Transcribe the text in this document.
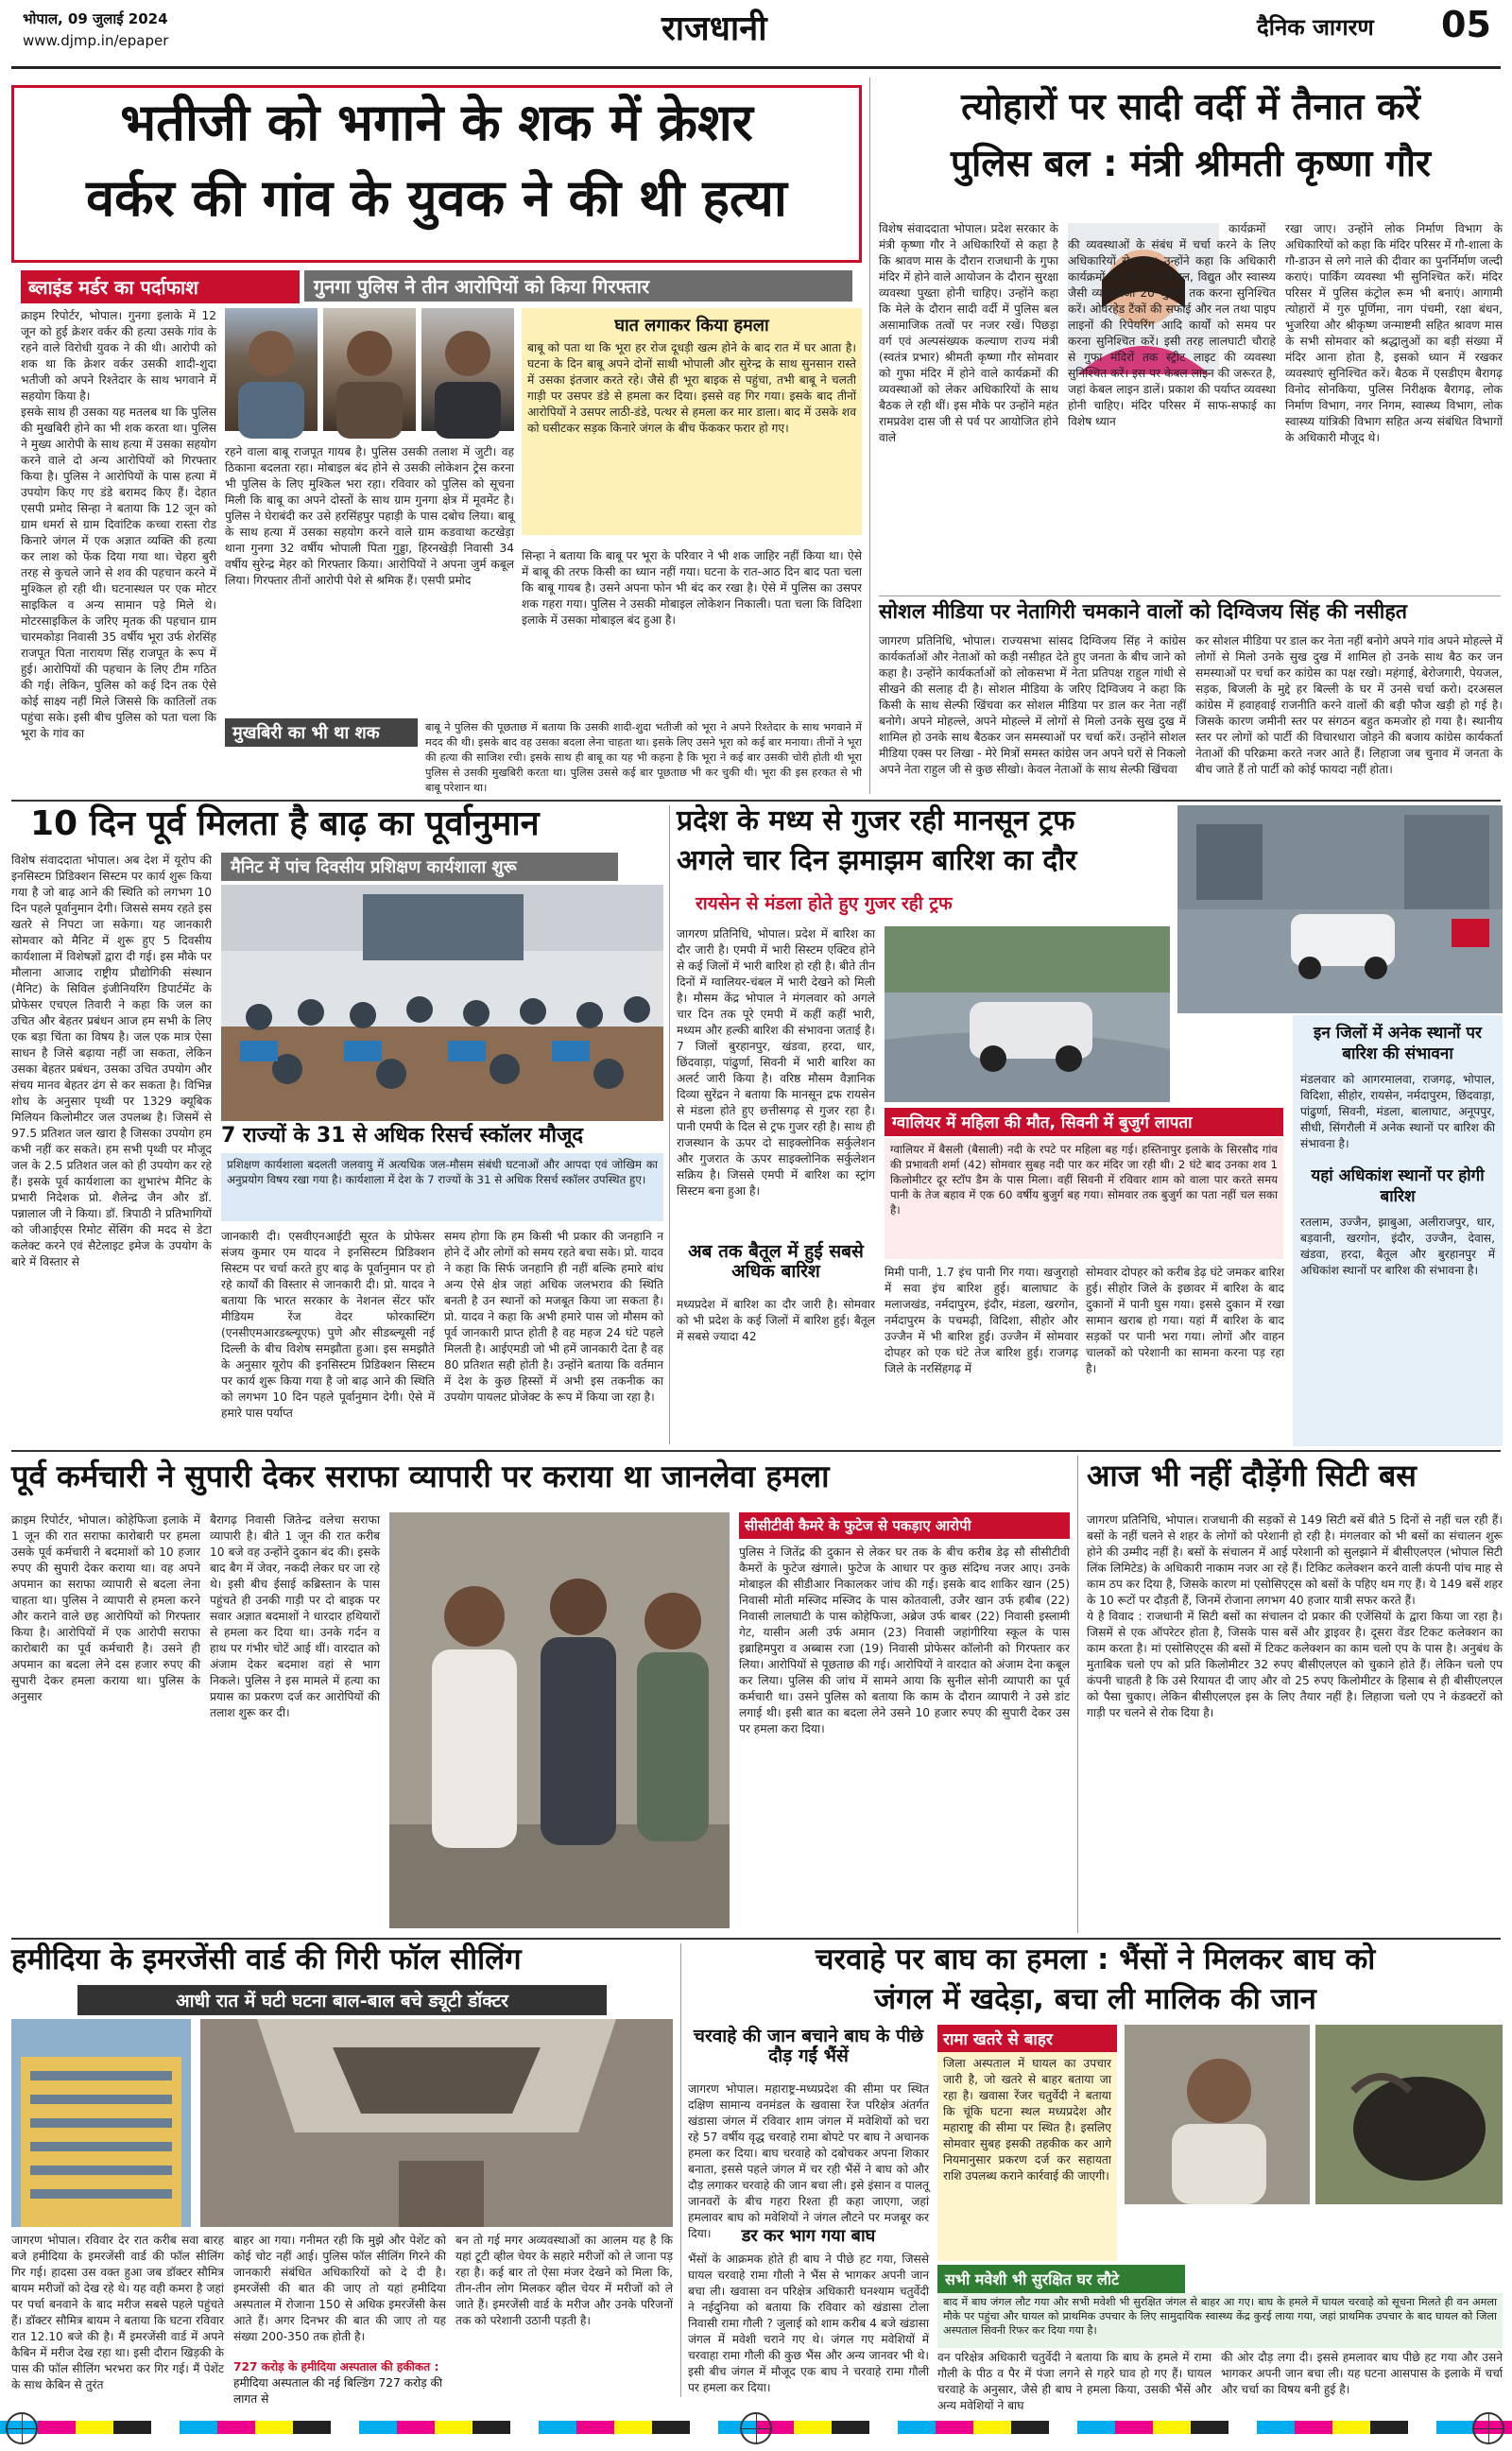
भोपाल, 09 जुलाई 2024
www.djmp.in/epaper	राजधानी	दैनिक जागरण 05
भतीजी को भगाने के शक में क्रेशर
वर्कर की गांव के युवक ने की थी हत्या
ब्लाइंड मर्डर का पर्दाफाश	गुनगा पुलिस ने तीन आरोपियों को किया गिरफ्तार
क्राइम रिपोर्टर, भोपाल। गुनगा इलाके में 12 जून को हुई क्रेशर वर्कर की हत्या उसके गांव के रहने वाले विरोधी युवक ने की थी। आरोपी को शक था कि क्रेशर वर्कर उसकी शादी-शुदा भतीजी को अपने रिश्तेदार के साथ भगवाने में सहयोग किया है।
इसके साथ ही उसका यह मतलब था कि पुलिस की मुखबिरी होने का भी शक करता था। पुलिस ने मुख्य आरोपी के साथ हत्या में उसका सहयोग करने वाले दो अन्य आरोपियों को गिरफ्तार किया है। पुलिस ने आरोपियों के पास हत्या में उपयोग किए गए डंडे बरामद किए हैं। देहात एसपी प्रमोद सिन्हा ने बताया कि 12 जून को ग्राम धमर्रा से ग्राम दिवांटिक कच्चा रास्ता रोड किनारे जंगल में एक अज्ञात व्यक्ति की हत्या कर लाश को फेंक दिया गया था। चेहरा बुरी तरह से कुचले जाने से शव की पहचान करने में मुश्किल हो रही थी। घटनास्थल पर एक मोटर साइकिल व अन्य सामान पड़े मिले थे। मोटरसाइकिल के जरिए मृतक की पहचान ग्राम चारमकोड़ा निवासी 35 वर्षीय भूरा उर्फ शेरसिंह राजपूत पिता नारायण सिंह राजपूत के रूप में हुई। आरोपियों की पहचान के लिए टीम गठित की गई। लेकिन, पुलिस को कई दिन तक ऐसे कोई साक्ष्य नहीं मिले जिससे कि कातिलों तक पहुंचा सके। इसी बीच पुलिस को पता चला कि भूरा के गांव का
घात लगाकर किया हमला
बाबू को पता था कि भूरा हर रोज दूधड़ी खत्म होने के बाद रात में घर आता है। घटना के दिन बाबू अपने दोनों साथी भोपाली और सुरेन्द्र के साथ सुनसान रास्ते में उसका इंतजार करते रहे। जैसे ही भूरा बाइक से पहुंचा, तभी बाबू ने चलती गाड़ी पर उसपर डंडे से हमला कर दिया। इससे वह गिर गया। इसके बाद तीनों आरोपियों ने उसपर लाठी-डंडे, पत्थर से हमला कर मार डाला। बाद में उसके शव को घसीटकर सड़क किनारे जंगल के बीच फेंककर फरार हो गए।
रहने वाला बाबू राजपूत गायब है। पुलिस उसकी तलाश में जुटी। वह ठिकाना बदलता रहा। मोबाइल बंद होने से उसकी लोकेशन ट्रेस करना भी पुलिस के लिए मुश्किल भरा रहा। रविवार को पुलिस को सूचना मिली कि बाबू का अपने दोस्तों के साथ ग्राम गुनगा क्षेत्र में मूवमेंट है। पुलिस ने घेराबंदी कर उसे हरसिंहपुर पहाड़ी के पास दबोच लिया। बाबू के साथ हत्या में उसका सहयोग करने वाले ग्राम कडवाथा कटखेड़ा थाना गुनगा 32 वर्षीय भोपाली पिता गुड्डा, हिरनखेड़ी निवासी 34 वर्षीय सुरेन्द्र मेहर को गिरफ्तार किया। आरोपियों ने अपना जुर्म कबूल लिया। गिरफ्तार तीनों आरोपी पेशे से श्रमिक हैं। एसपी प्रमोद
सिन्हा ने बताया कि बाबू पर भूरा के परिवार ने भी शक जाहिर नहीं किया था। ऐसे में बाबू की तरफ किसी का ध्यान नहीं गया। घटना के रात-आठ दिन बाद पता चला कि बाबू गायब है। उसने अपना फोन भी बंद कर रखा है। ऐसे में पुलिस का उसपर शक गहरा गया। पुलिस ने उसकी मोबाइल लोकेशन निकाली। पता चला कि विदिशा इलाके में उसका मोबाइल बंद हुआ है।
मुखबिरी का भी था शक	बाबू ने पुलिस की पूछताछ में बताया कि उसकी शादी-शुदा भतीजी को भूरा ने अपने रिश्तेदार के साथ भगवाने में मदद की थी। इसके बाद वह उसका बदला लेना चाहता था। इसके लिए उसने भूरा को कई बार मनाया। तीनों ने भूरा की हत्या की साजिश रची। इसके साथ ही बाबू का यह भी कहना है कि भूरा ने कई बार उसकी चोरी होती थी भूरा पुलिस से उसकी मुखबिरी करता था। पुलिस उससे कई बार पूछताछ भी कर चुकी थी। भूरा की इस हरकत से भी बाबू परेशान था।
त्योहारों पर सादी वर्दी में तैनात करें
पुलिस बल : मंत्री श्रीमती कृष्णा गौर
विशेष संवाददाता भोपाल। प्रदेश सरकार के मंत्री कृष्णा गौर ने अधिकारियों से कहा है कि श्रावण मास के दौरान राजधानी के गुफा मंदिर में होने वाले आयोजन के दौरान सुरक्षा व्यवस्था पुख्ता होनी चाहिए। उन्होंने कहा कि मेले के दौरान सादी वर्दी में पुलिस बल असामाजिक तत्वों पर नजर रखें। पिछड़ा वर्ग एवं अल्पसंख्यक कल्याण राज्य मंत्री (स्वतंत्र प्रभार) श्रीमती कृष्णा गौर सोमवार को गुफा मंदिर में होने वाले कार्यक्रमों की व्यवस्थाओं को लेकर अधिकारियों के साथ बैठक ले रही थीं। इस मौके पर उन्होंने महंत रामप्रवेश दास जी से पर्व पर आयोजित होने वाले
कार्यक्रमों की व्यवस्थाओं के संबंध में चर्चा करने के लिए अधिकारियों से कहा। उन्होंने कहा कि अधिकारी कार्यक्रमों के संबंध में पेयजल, विद्युत और स्वास्थ्य जैसी व्यवस्थाओं 20 जुलाई तक करना सुनिश्चित करें। ओवरहेड टैंकों की सफाई और नल तथा पाइप लाइनों की रिपेयरिंग आदि कार्यों को समय पर करना सुनिश्चित करें। इसी तरह लालघाटी चौराहे से गुफा मंदिरों तक स्ट्रीट लाइट की व्यवस्था सुनिश्चित करें। इस पर केबल लाइन की जरूरत है, जहां केबल लाइन डालें। प्रकाश की पर्याप्त व्यवस्था होनी चाहिए। मंदिर परिसर में साफ-सफाई का विशेष ध्यान
रखा जाए। उन्होंने लोक निर्माण विभाग के अधिकारियों को कहा कि मंदिर परिसर में गौ-शाला के गौ-डाउन से लगे नाले की दीवार का पुनर्निर्माण जल्दी कराएं। पार्किंग व्यवस्था भी सुनिश्चित करें। मंदिर परिसर में पुलिस कंट्रोल रूम भी बनाएं। आगामी त्योहारों में गुरु पूर्णिमा, नाग पंचमी, रक्षा बंधन, भुजरिया और श्रीकृष्ण जन्माष्टमी सहित श्रावण मास के सभी सोमवार को श्रद्धालुओं का बड़ी संख्या में मंदिर आना होता है, इसको ध्यान में रखकर व्यवस्थाएं सुनिश्चित करें। बैठक में एसडीएम बैरागढ़ विनोद सोनकिया, पुलिस निरीक्षक बैरागढ़, लोक निर्माण विभाग, नगर निगम, स्वास्थ्य विभाग, लोक स्वास्थ्य यांत्रिकी विभाग सहित अन्य संबंधित विभागों के अधिकारी मौजूद थे।
सोशल मीडिया पर नेतागिरी चमकाने वालों को दिग्विजय सिंह की नसीहत
जागरण प्रतिनिधि, भोपाल। राज्यसभा सांसद दिग्विजय सिंह ने कांग्रेस कार्यकर्ताओं और नेताओं को कड़ी नसीहत देते हुए जनता के बीच जाने को कहा है। उन्होंने कार्यकर्ताओं को लोकसभा में नेता प्रतिपक्ष राहुल गांधी से सीखने की सलाह दी है। सोशल मीडिया के जरिए दिग्विजय ने कहा कि किसी के साथ सेल्फी खिंचवा कर सोशल मीडिया पर डाल कर नेता नहीं बनोगे। अपने मोहल्ले, अपने मोहल्ले में लोगों से मिलो उनके सुख दुख में शामिल हो उनके साथ बैठकर जन समस्याओं पर चर्चा करें। उन्होंने सोशल मीडिया एक्स पर लिखा - मेरे मित्रों समस्त कांग्रेस जन अपने घरों से निकलो अपने नेता राहुल जी से कुछ सीखो। केवल नेताओं के साथ सेल्फी खिंचवा
कर सोशल मीडिया पर डाल कर नेता नहीं बनोगे अपने गांव अपने मोहल्ले में लोगों से मिलो उनके सुख दुख में शामिल हो उनके साथ बैठ कर जन समस्याओं पर चर्चा कर कांग्रेस का पक्ष रखो। महंगाई, बेरोजगारी, पेयजल, सड़क, बिजली के मुद्दे हर बिल्ली के घर में उनसे चर्चा करो। दरअसल कांग्रेस में हवाहवाई राजनीति करने वालों की बड़ी फौज खड़ी हो गई है। जिसके कारण जमीनी स्तर पर संगठन बहुत कमजोर हो गया है। स्थानीय स्तर पर लोगों को पार्टी की विचारधारा जोड़ने की बजाय कांग्रेस कार्यकर्ता नेताओं की परिक्रमा करते नजर आते हैं। लिहाजा जब चुनाव में जनता के बीच जाते हैं तो पार्टी को कोई फायदा नहीं होता।
10 दिन पूर्व मिलता है बाढ़ का पूर्वानुमान
विशेष संवाददाता भोपाल। अब देश में यूरोप की इनसिस्टम प्रिडिक्शन सिस्टम पर कार्य शुरू किया गया है जो बाढ़ आने की स्थिति को लगभग 10 दिन पहले पूर्वानुमान देगी। जिससे समय रहते इस खतरे से निपटा जा सकेगा। यह जानकारी सोमवार को मैनिट में शुरू हुए 5 दिवसीय कार्यशाला में विशेषज्ञों द्वारा दी गई। इस मौके पर मौलाना आजाद राष्ट्रीय प्रौद्योगिकी संस्थान (मैनिट) के सिविल इंजीनियरिंग डिपार्टमेंट के प्रोफेसर एचएल तिवारी ने कहा कि जल का उचित और बेहतर प्रबंधन आज हम सभी के लिए एक बड़ा चिंता का विषय है। जल एक मात्र ऐसा साधन है जिसे बढ़ाया नहीं जा सकता, लेकिन उसका बेहतर प्रबंधन, उसका उचित उपयोग और संचय मानव बेहतर ढंग से कर सकता है। विभिन्न शोध के अनुसार पृथ्वी पर 1329 क्यूबिक मिलियन किलोमीटर जल उपलब्ध है। जिसमें से 97.5 प्रतिशत जल खारा है जिसका उपयोग हम कभी नहीं कर सकते। हम सभी पृथ्वी पर मौजूद जल के 2.5 प्रतिशत जल को ही उपयोग कर रहे हैं। इसके पूर्व कार्यशाला का शुभारंभ मैनिट के प्रभारी निदेशक प्रो. शैलेन्द्र जैन और डॉ. पन्नालाल जी ने किया। डॉ. त्रिपाठी ने प्रतिभागियों को जीआईएस रिमोट सेंसिंग की मदद से डेटा कलेक्ट करने एवं सैटेलाइट इमेज के उपयोग के बारे में विस्तार से
मैनिट में पांच दिवसीय प्रशिक्षण कार्यशाला शुरू
7 राज्यों के 31 से अधिक रिसर्च स्कॉलर मौजूद
प्रशिक्षण कार्यशाला बदलती जलवायु में अत्यधिक जल-मौसम संबंधी घटनाओं और आपदा एवं जोखिम का अनुप्रयोग विषय रखा गया है। कार्यशाला में देश के 7 राज्यों के 31 से अधिक रिसर्च स्कॉलर उपस्थित हुए।
जानकारी दी। एसवीएनआईटी सूरत के प्रोफेसर संजय कुमार एम यादव ने इनसिस्टम प्रिडिक्शन सिस्टम पर चर्चा करते हुए बाढ़ के पूर्वानुमान पर हो रहे कार्यों की विस्तार से जानकारी दी। प्रो. यादव ने बताया कि भारत सरकार के नेशनल सेंटर फॉर मीडियम रेंज वेदर फोरकास्टिंग (एनसीएमआरडब्ल्यूएफ) पुणे और सीडब्ल्यूसी नई दिल्ली के बीच विशेष समझौता हुआ। इस समझौते के अनुसार यूरोप की इनसिस्टम प्रिडिक्शन सिस्टम पर कार्य शुरू किया गया है जो बाढ़ आने की स्थिति को लगभग 10 दिन पहले पूर्वानुमान देगी। ऐसे में हमारे पास पर्याप्त
समय होगा कि हम किसी भी प्रकार की जनहानि न होने दें और लोगों को समय रहते बचा सके। प्रो. यादव ने कहा कि सिर्फ जनहानि ही नहीं बल्कि हमारे बांध अन्य ऐसे क्षेत्र जहां अधिक जलभराव की स्थिति बनती है उन स्थानों को मजबूत किया जा सकता है। प्रो. यादव ने कहा कि अभी हमारे पास जो मौसम को पूर्व जानकारी प्राप्त होती है वह महज 24 घंटे पहले मिलती है। आईएमडी जो भी हमें जानकारी देता है वह 80 प्रतिशत सही होती है। उन्होंने बताया कि वर्तमान में देश के कुछ हिस्सों में अभी इस तकनीक का उपयोग पायलट प्रोजेक्ट के रूप में किया जा रहा है।
प्रदेश के मध्य से गुजर रही मानसून ट्रफ
अगले चार दिन झमाझम बारिश का दौर
रायसेन से मंडला होते हुए गुजर रही ट्रफ
जागरण प्रतिनिधि, भोपाल। प्रदेश में बारिश का दौर जारी है। एमपी में भारी सिस्टम एक्टिव होने से कई जिलों में भारी बारिश हो रही है। बीते तीन दिनों में ग्वालियर-चंबल में भारी देखने को मिली है। मौसम केंद्र भोपाल ने मंगलवार को अगले चार दिन तक पूरे एमपी में कहीं कहीं भारी, मध्यम और हल्की बारिश की संभावना जताई है। 7 जिलों बुरहानपुर, खंडवा, हरदा, धार, छिंदवाड़ा, पांढुर्णा, सिवनी में भारी बारिश का अलर्ट जारी किया है। वरिष्ठ मौसम वैज्ञानिक दिव्या सुरेंद्रन ने बताया कि मानसून द्रफ रायसेन से मंडला होते हुए छत्तीसगढ़ से गुजर रहा है। पानी एमपी के दिल से ट्रफ गुजर रही है। साथ ही राजस्थान के ऊपर दो साइक्लोनिक सर्कुलेशन और गुजरात के ऊपर साइक्लोनिक सर्कुलेशन सक्रिय है। जिससे एमपी में बारिश का स्ट्रांग सिस्टम बना हुआ है।
ग्वालियर में महिला की मौत, सिवनी में बुजुर्ग लापता
ग्वालियर में बैसली (बैसाली) नदी के रपटे पर महिला बह गई। हस्तिनापुर इलाके के सिरसौद गांव की प्रभावती शर्मा (42) सोमवार सुबह नदी पार कर मंदिर जा रही थी। 2 घंटे बाद उनका शव 1 किलोमीटर दूर स्टॉप डैम के पास मिला। वहीं सिवनी में रविवार शाम को वाला पार करते समय पानी के तेज बहाव में एक 60 वर्षीय बुजुर्ग बह गया। सोमवार तक बुजुर्ग का पता नहीं चल सका है।
अब तक बैतूल में हुई सबसे अधिक बारिश
मध्यप्रदेश में बारिश का दौर जारी है। सोमवार को भी प्रदेश के कई जिलों में बारिश हुई। बैतूल में सबसे ज्यादा 42
मिमी पानी, 1.7 इंच पानी गिर गया। खजुराहो में सवा इंच बारिश हुई। बालाघाट के मलाजखंड, नर्मदापुरम, इंदौर, मंडला, खरगोन, नर्मदापुरम के पचमढ़ी, विदिशा, सीहोर और उज्जैन में भी बारिश हुई। उज्जैन में सोमवार दोपहर को एक घंटे तेज बारिश हुई। राजगढ़ जिले के नरसिंहगढ़ में
सोमवार दोपहर को करीब डेढ़ घंटे जमकर बारिश हुई। सीहोर जिले के इछावर में बारिश के बाद दुकानों में पानी घुस गया। इससे दुकान में रखा सामान खराब हो गया। यहां मैं बारिश के बाद सड़कों पर पानी भरा गया। लोगों और वाहन चालकों को परेशानी का सामना करना पड़ रहा है।
इन जिलों में अनेक स्थानों पर बारिश की संभावना
मंडलवार को आगरमालवा, राजगढ़, भोपाल, विदिशा, सीहोर, रायसेन, नर्मदापुरम, छिंदवाड़ा, पांढुर्णा, सिवनी, मंडला, बालाघाट, अनूपपुर, सीधी, सिंगरौली में अनेक स्थानों पर बारिश की संभावना है।
यहां अधिकांश स्थानों पर होगी बारिश
रतलाम, उज्जैन, झाबुआ, अलीराजपुर, धार, बड़वानी, खरगोन, इंदौर, उज्जैन, देवास, खंडवा, हरदा, बैतूल और बुरहानपुर में अधिकांश स्थानों पर बारिश की संभावना है।
पूर्व कर्मचारी ने सुपारी देकर सराफा व्यापारी पर कराया था जानलेवा हमला
क्राइम रिपोर्टर, भोपाल। कोहेफिजा इलाके में 1 जून की रात सराफा कारोबारी पर हमला उसके पूर्व कर्मचारी ने बदमाशों को 10 हजार रुपए की सुपारी देकर कराया था। वह अपने अपमान का सराफा व्यापारी से बदला लेना चाहता था। पुलिस ने व्यापारी से हमला करने और कराने वाले छह आरोपियों को गिरफ्तार किया है। आरोपियों में एक आरोपी सराफा कारोबारी का पूर्व कर्मचारी है। उसने ही अपमान का बदला लेने दस हजार रुपए की सुपारी देकर हमला कराया था। पुलिस के अनुसार
बैरागढ़ निवासी जितेन्द्र वलेचा सराफा व्यापारी है। बीते 1 जून की रात करीब 10 बजे वह उन्होंने दुकान बंद की। इसके बाद बैग में जेवर, नकदी लेकर घर जा रहे थे। इसी बीच ईसाई कब्रिस्तान के पास पहुंचते ही उनकी गाड़ी पर दो बाइक पर सवार अज्ञात बदमाशों ने धारदार हथियारों से हमला कर दिया था। उनके गर्दन व हाथ पर गंभीर चोटें आई थीं। वारदात को अंजाम देकर बदमाश वहां से भाग निकले। पुलिस ने इस मामले में हत्या का प्रयास का प्रकरण दर्ज कर आरोपियों की तलाश शुरू कर दी।
सीसीटीवी कैमरे के फुटेज से पकड़ाए आरोपी
पुलिस ने जितेंद्र की दुकान से लेकर घर तक के बीच करीब डेढ़ सौ सीसीटीवी कैमरों के फुटेज खंगाले। फुटेज के आधार पर कुछ संदिग्ध नजर आए। उनके मोबाइल की सीडीआर निकालकर जांच की गई। इसके बाद शाकिर खान (25) निवासी मोती मस्जिद मस्जिद के पास कोतवाली, उजैर खान उर्फ हबीब (22) निवासी लालघाटी के पास कोहेफिजा, अब्रेज उर्फ बाबर (22) निवासी इस्लामी गेट, यासीन अली उर्फ अमान (23) निवासी जहांगीरिया स्कूल के पास इब्राहिमपुरा व अब्बास रजा (19) निवासी प्रोफेसर कॉलोनी को गिरफ्तार कर लिया। आरोपियों से पूछताछ की गई। आरोपियों ने वारदात को अंजाम देना कबूल कर लिया। पुलिस की जांच में सामने आया कि सुनील सोनी व्यापारी का पूर्व कर्मचारी था। उसने पुलिस को बताया कि काम के दौरान व्यापारी ने उसे डांट लगाई थी। इसी बात का बदला लेने उसने 10 हजार रुपए की सुपारी देकर उस पर हमला करा दिया।
आज भी नहीं दौड़ेंगी सिटी बस
जागरण प्रतिनिधि, भोपाल। राजधानी की सड़कों से 149 सिटी बसें बीते 5 दिनों से नहीं चल रही हैं। बसों के नहीं चलने से शहर के लोगों को परेशानी हो रही है। मंगलवार को भी बसों का संचालन शुरू होने की उम्मीद नहीं है। बसों के संचालन में आई परेशानी को सुलझाने में बीसीएलएल (भोपाल सिटी लिंक लिमिटेड) के अधिकारी नाकाम नजर आ रहे हैं। टिकिट कलेक्शन करने वाली कंपनी पांच माह से काम ठप कर दिया है, जिसके कारण मां एसोसिएट्स को बसों के पहिए थम गए हैं। ये 149 बसें शहर के 10 रूटों पर दौड़ती हैं, जिनमें रोजाना लगभग 40 हजार यात्री सफर करते हैं।
ये है विवाद : राजधानी में सिटी बसों का संचालन दो प्रकार की एजेंसियों के द्वारा किया जा रहा है। जिसमें से एक ऑपरेटर होता है, जिसके पास बसें और ड्राइवर है। दूसरा वेंडर टिकट कलेक्शन का काम करता है। मां एसोसिएट्स की बसों में टिकट कलेक्शन का काम चलो एप के पास है। अनुबंध के मुताबिक चलो एप को प्रति किलोमीटर 32 रुपए बीसीएलएल को चुकाने होते हैं। लेकिन चलो एप कंपनी चाहती है कि उसे रियायत दी जाए और वो 25 रुपए किलोमीटर के हिसाब से ही बीसीएलएल को पैसा चुकाए। लेकिन बीसीएलएल इस के लिए तैयार नहीं है। लिहाजा चलो एप ने कंडक्टरों को गाड़ी पर चलने से रोक दिया है।
हमीदिया के इमरजेंसी वार्ड की गिरी फॉल सीलिंग
आधी रात में घटी घटना बाल-बाल बचे ड्यूटी डॉक्टर
जागरण भोपाल। रविवार देर रात करीब सवा बारह बजे हमीदिया के इमरजेंसी वार्ड की फॉल सीलिंग गिर गई। हादसा उस वक्त हुआ जब डॉक्टर सौमित्र बायम मरीजों को देख रहे थे। यह वही कमरा है जहां पर पर्चा बनवाने के बाद मरीज सबसे पहले पहुंचते हैं। डॉक्टर सौमित्र बायम ने बताया कि घटना रविवार रात 12.10 बजे की है। मैं इमरजेंसी वार्ड में अपने कैबिन में मरीज देख रहा था। इसी दौरान खिड़की के पास की फॉल सीलिंग भरभरा कर गिर गई। मैं पेशेंट के साथ केबिन से तुरंत
बाहर आ गया। गनीमत रही कि मुझे और पेशेंट को कोई चोट नहीं आई। पुलिस फॉल सीलिंग गिरने की जानकारी संबंधित अधिकारियों को दे दी है। इमरजेंसी की बात की जाए तो यहां हमीदिया अस्पताल में रोजाना 150 से अधिक इमरजेंसी केस आते हैं। अगर दिनभर की बात की जाए तो यह संख्या 200-350 तक होती है।
727 करोड़ के हमीदिया अस्पताल की हकीकत : हमीदिया अस्पताल की नई बिल्डिंग 727 करोड़ की लागत से
बन तो गई मगर अव्यवस्थाओं का आलम यह है कि यहां टूटी व्हील चेयर के सहारे मरीजों को ले जाना पड़ रहा है। कई बार तो ऐसा मंजर देखने को मिला कि, तीन-तीन लोग मिलकर व्हील चेयर में मरीजों को ले जाते हैं। इमरजेंसी वार्ड के मरीज और उनके परिजनों तक को परेशानी उठानी पड़ती है।
चरवाहे पर बाघ का हमला : भैंसों ने मिलकर बाघ को
जंगल में खदेड़ा, बचा ली मालिक की जान
चरवाहे की जान बचाने बाघ के पीछे दौड़ गईं भैंसें
जागरण भोपाल। महाराष्ट्र-मध्यप्रदेश की सीमा पर स्थित दक्षिण सामान्य वनमंडल के खवासा रेंज परिक्षेत्र अंतर्गत खंडासा जंगल में रविवार शाम जंगल में मवेशियों को चरा रहे 57 वर्षीय वृद्ध चरवाहे रामा बोपटे पर बाघ ने अचानक हमला कर दिया। बाघ चरवाहे को दबोचकर अपना शिकार बनाता, इससे पहले जंगल में चर रही भैंसें ने बाघ को और दौड़ लगाकर चरवाहे की जान बचा ली। इसे इंसान व पालतू जानवरों के बीच गहरा रिश्ता ही कहा जाएगा, जहां हमलावर बाघ को मवेशियों ने जंगल लौटने पर मजबूर कर दिया।	डर कर भाग गया बाघ
भैंसों के आक्रमक होते ही बाघ ने पीछे हट गया, जिससे घायल चरवाहे रामा गौली ने भैंस से भागकर अपनी जान बचा ली। खवासा वन परिक्षेत्र अधिकारी घनश्याम चतुर्वेदी ने नईदुनिया को बताया कि रविवार को खंडासा टोला निवासी रामा गौली ? जुलाई को शाम करीब 4 बजे खंडासा जंगल में मवेशी चराने गए थे। जंगल गए मवेशियों में चरवाहा रामा गौली की कुछ भैंस और अन्य जानवर भी थे। इसी बीच जंगल में मौजूद एक बाघ ने चरवाहे रामा गौली पर हमला कर दिया।
रामा खतरे से बाहर
जिला अस्पताल में घायल का उपचार जारी है, जो खतरे से बाहर बताया जा रहा है। खवासा रेंजर चतुर्वेदी ने बताया कि चूंकि घटना स्थल मध्यप्रदेश और महाराष्ट्र की सीमा पर स्थित है। इसलिए सोमवार सुबह इसकी तहकीक कर आगे नियमानुसार प्रकरण दर्ज कर सहायता राशि उपलब्ध कराने कार्रवाई की जाएगी।
सभी मवेशी भी सुरक्षित घर लौटे
बाद में बाघ जंगल लौट गया और सभी मवेशी भी सुरक्षित जंगल से बाहर आ गए। बाघ के हमले में घायल चरवाहे को सूचना मिलते ही वन अमला मौके पर पहुंचा और घायल को प्राथमिक उपचार के लिए सामुदायिक स्वास्थ्य केंद्र कुरई लाया गया, जहां प्राथमिक उपचार के बाद घायल को जिला अस्पताल सिवनी रिफर कर दिया गया है।
वन परिक्षेत्र अधिकारी चतुर्वेदी ने बताया कि बाघ के हमले में रामा गौली के पीठ व पैर में पंजा लगने से गहरे घाव हो गए हैं। घायल चरवाहे के अनुसार, जैसे ही बाघ ने हमला किया, उसकी भैंसें और अन्य मवेशियों ने बाघ
की ओर दौड़ लगा दी। इससे हमलावर बाघ पीछे हट गया और उसने भागकर अपनी जान बचा ली। यह घटना आसपास के इलाके में चर्चा और चर्चा का विषय बनी हुई है।
